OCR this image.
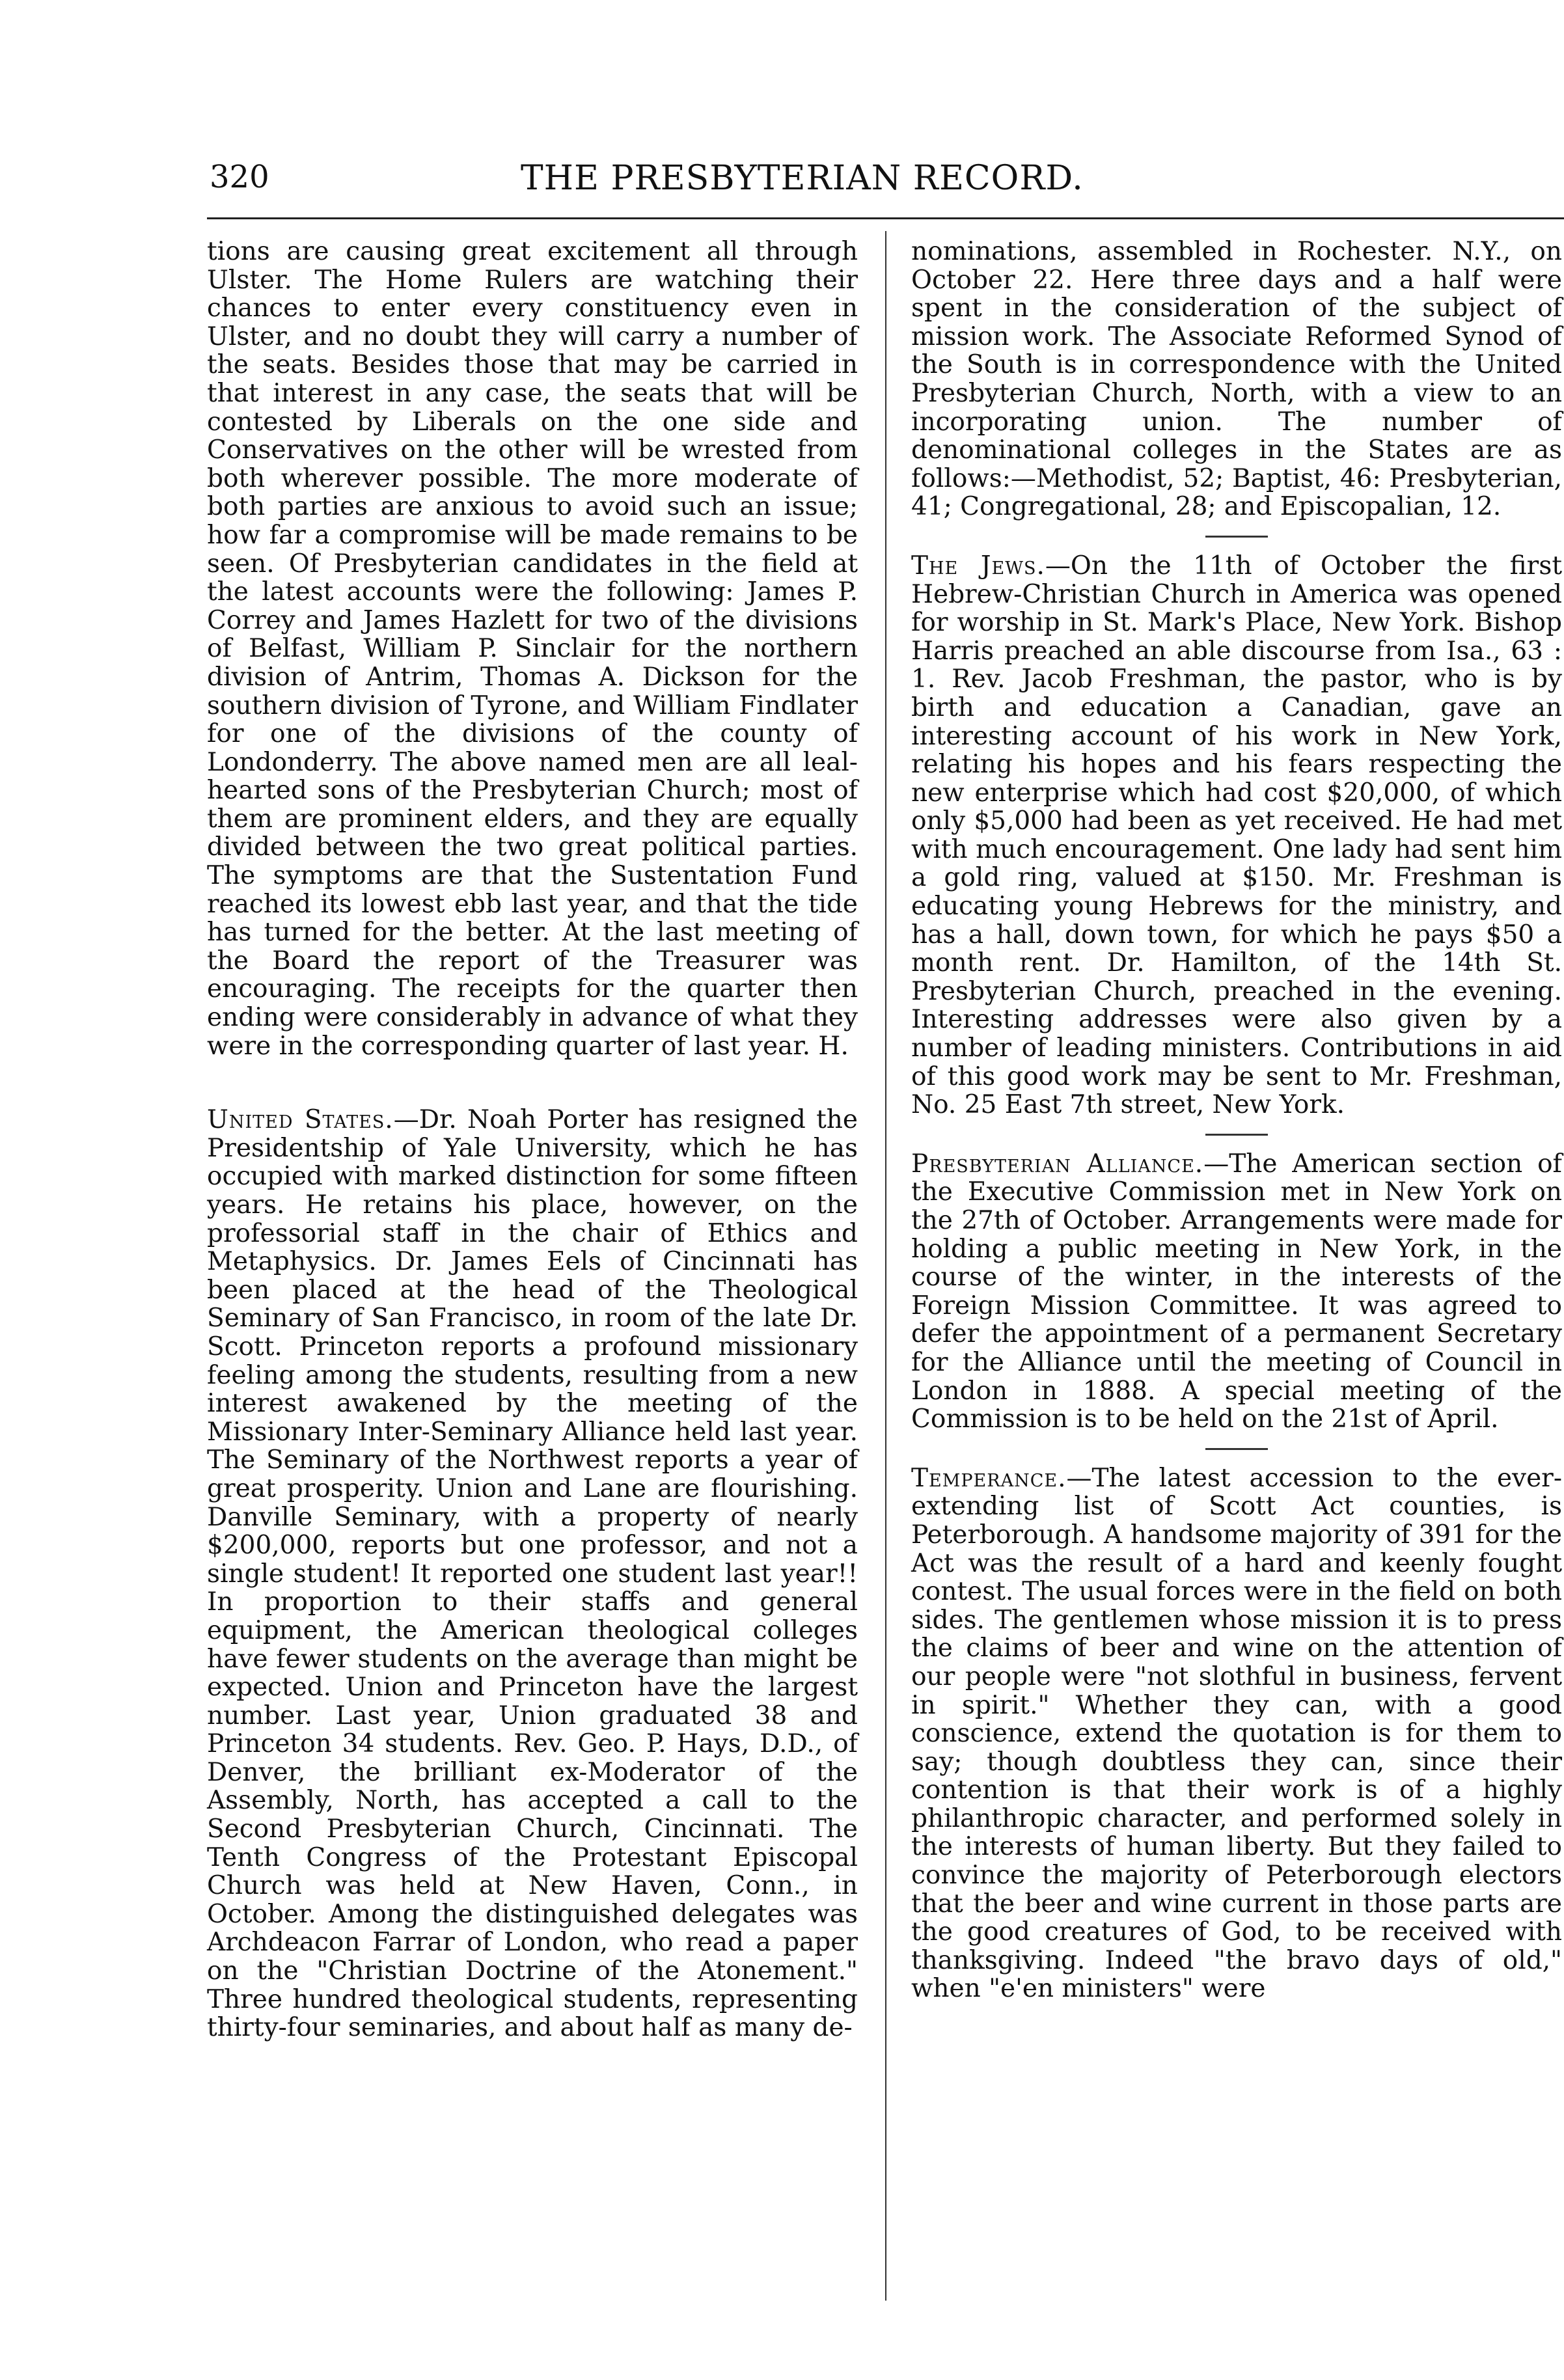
320	THE PRESBYTERIAN RECORD.

tions are causing great excitement all through Ulster. The Home Rulers are watching their chances to enter every constituency even in Ulster, and no doubt they will carry a number of the seats. Besides those that may be carried in that interest in any case, the seats that will be contested by Liberals on the one side and Conservatives on the other will be wrested from both wherever possible. The more moderate of both parties are anxious to avoid such an issue; how far a compromise will be made remains to be seen. Of Presbyterian candidates in the field at the latest accounts were the following: James P. Correy and James Hazlett for two of the divisions of Belfast, William P. Sinclair for the northern division of Antrim, Thomas A. Dickson for the southern division of Tyrone, and William Findlater for one of the divisions of the county of Londonderry. The above named men are all leal-hearted sons of the Presbyterian Church; most of them are prominent elders, and they are equally divided between the two great political parties. The symptoms are that the Sustentation Fund reached its lowest ebb last year, and that the tide has turned for the better. At the last meeting of the Board the report of the Treasurer was encouraging. The receipts for the quarter then ending were considerably in advance of what they were in the corresponding quarter of last year. H.

United States.—Dr. Noah Porter has resigned the Presidentship of Yale University, which he has occupied with marked distinction for some fifteen years. He retains his place, however, on the professorial staff in the chair of Ethics and Metaphysics. Dr. James Eels of Cincinnati has been placed at the head of the Theological Seminary of San Francisco, in room of the late Dr. Scott. Princeton reports a profound missionary feeling among the students, resulting from a new interest awakened by the meeting of the Missionary Inter-Seminary Alliance held last year. The Seminary of the Northwest reports a year of great prosperity. Union and Lane are flourishing. Danville Seminary, with a property of nearly $200,000, reports but one professor, and not a single student! It reported one student last year!! In proportion to their staffs and general equipment, the American theological colleges have fewer students on the average than might be expected. Union and Princeton have the largest number. Last year, Union graduated 38 and Princeton 34 students. Rev. Geo. P. Hays, D.D., of Denver, the brilliant ex-Moderator of the Assembly, North, has accepted a call to the Second Presbyterian Church, Cincinnati. The Tenth Congress of the Protestant Episcopal Church was held at New Haven, Conn., in October. Among the distinguished delegates was Archdeacon Farrar of London, who read a paper on the "Christian Doctrine of the Atonement." Three hundred theological students, representing thirty-four seminaries, and about half as many de-

nominations, assembled in Rochester. N.Y., on October 22. Here three days and a half were spent in the consideration of the subject of mission work. The Associate Reformed Synod of the South is in correspondence with the United Presbyterian Church, North, with a view to an incorporating union. The number of denominational colleges in the States are as follows:—Methodist, 52; Baptist, 46: Presbyterian, 41; Congregational, 28; and Episcopalian, 12.

The Jews.—On the 11th of October the first Hebrew-Christian Church in America was opened for worship in St. Mark's Place, New York. Bishop Harris preached an able discourse from Isa., 63 : 1. Rev. Jacob Freshman, the pastor, who is by birth and education a Canadian, gave an interesting account of his work in New York, relating his hopes and his fears respecting the new enterprise which had cost $20,000, of which only $5,000 had been as yet received. He had met with much encouragement. One lady had sent him a gold ring, valued at $150. Mr. Freshman is educating young Hebrews for the ministry, and has a hall, down town, for which he pays $50 a month rent. Dr. Hamilton, of the 14th St. Presbyterian Church, preached in the evening. Interesting addresses were also given by a number of leading ministers. Contributions in aid of this good work may be sent to Mr. Freshman, No. 25 East 7th street, New York.

Presbyterian Alliance.—The American section of the Executive Commission met in New York on the 27th of October. Arrangements were made for holding a public meeting in New York, in the course of the winter, in the interests of the Foreign Mission Committee. It was agreed to defer the appointment of a permanent Secretary for the Alliance until the meeting of Council in London in 1888. A special meeting of the Commission is to be held on the 21st of April.

Temperance.—The latest accession to the ever-extending list of Scott Act counties, is Peterborough. A handsome majority of 391 for the Act was the result of a hard and keenly fought contest. The usual forces were in the field on both sides. The gentlemen whose mission it is to press the claims of beer and wine on the attention of our people were "not slothful in business, fervent in spirit." Whether they can, with a good conscience, extend the quotation is for them to say; though doubtless they can, since their contention is that their work is of a highly philanthropic character, and performed solely in the interests of human liberty. But they failed to convince the majority of Peterborough electors that the beer and wine current in those parts are the good creatures of God, to be received with thanksgiving. Indeed "the bravo days of old," when "e'en ministers" were
